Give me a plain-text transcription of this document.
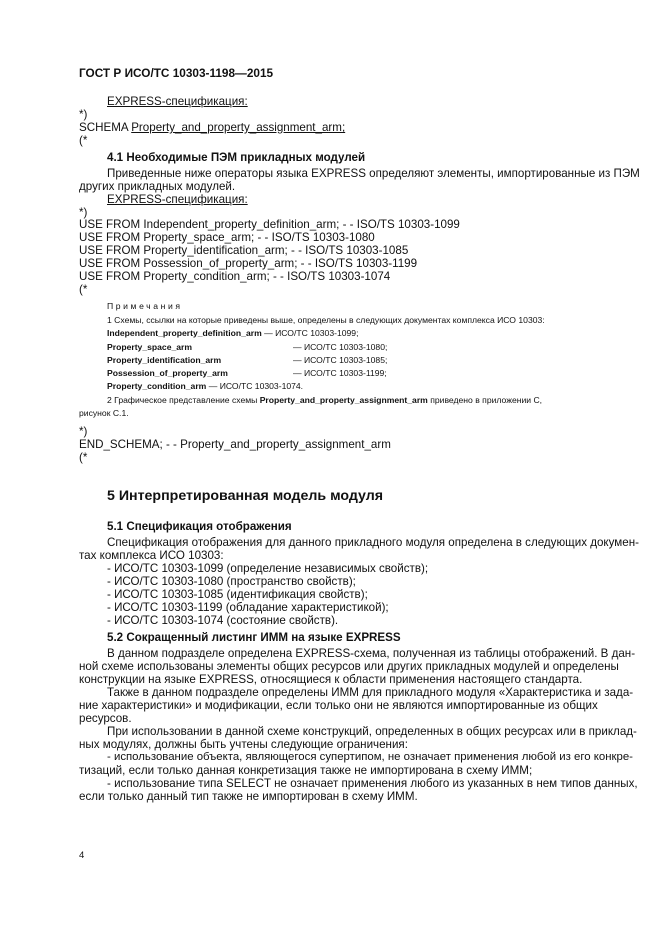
ГОСТ Р ИСО/ТС 10303-1198—2015
EXPRESS-спецификация:
*)
SCHEMA Property_and_property_assignment_arm;
(*
4.1 Необходимые ПЭМ прикладных модулей
Приведенные ниже операторы языка EXPRESS определяют элементы, импортированные из ПЭМ
других прикладных модулей.
EXPRESS-спецификация:
*)
USE FROM Independent_property_definition_arm; - - ISO/TS 10303-1099
USE FROM Property_space_arm; - - ISO/TS 10303-1080
USE FROM Property_identification_arm; - - ISO/TS 10303-1085
USE FROM Possession_of_property_arm; - - ISO/TS 10303-1199
USE FROM Property_condition_arm; - - ISO/TS 10303-1074
(*
Примечания
1 Схемы, ссылки на которые приведены выше, определены в следующих документах комплекса ИСО 10303:
Independent_property_definition_arm — ИСО/ТС 10303-1099;
Property_space_arm	— ИСО/ТС 10303-1080;
Property_identification_arm	— ИСО/ТС 10303-1085;
Possession_of_property_arm	— ИСО/ТС 10303-1199;
Property_condition_arm — ИСО/ТС 10303-1074.
2 Графическое представление схемы Property_and_property_assignment_arm приведено в приложении С,
рисунок С.1.
*)
END_SCHEMA; - - Property_and_property_assignment_arm
(*
5 Интерпретированная модель модуля
5.1 Спецификация отображения
Спецификация отображения для данного прикладного модуля определена в следующих докумен-
тах комплекса ИСО 10303:
- ИСО/ТС 10303-1099 (определение независимых свойств);
- ИСО/ТС 10303-1080 (пространство свойств);
- ИСО/ТС 10303-1085 (идентификация свойств);
- ИСО/ТС 10303-1199 (обладание характеристикой);
- ИСО/ТС 10303-1074 (состояние свойств).
5.2 Сокращенный листинг ИММ на языке EXPRESS
В данном подразделе определена EXPRESS-схема, полученная из таблицы отображений. В дан-
ной схеме использованы элементы общих ресурсов или других прикладных модулей и определены
конструкции на языке EXPRESS, относящиеся к области применения настоящего стандарта.
Также в данном подразделе определены ИММ для прикладного модуля «Характеристика и зада-
ние характеристики» и модификации, если только они не являются импортированные из общих
ресурсов.
При использовании в данной схеме конструкций, определенных в общих ресурсах или в приклад-
ных модулях, должны быть учтены следующие ограничения:
- использование объекта, являющегося супертипом, не означает применения любой из его конкре-
тизаций, если только данная конкретизация также не импортирована в схему ИММ;
- использование типа SELECT не означает применения любого из указанных в нем типов данных,
если только данный тип также не импортирован в схему ИММ.
4
